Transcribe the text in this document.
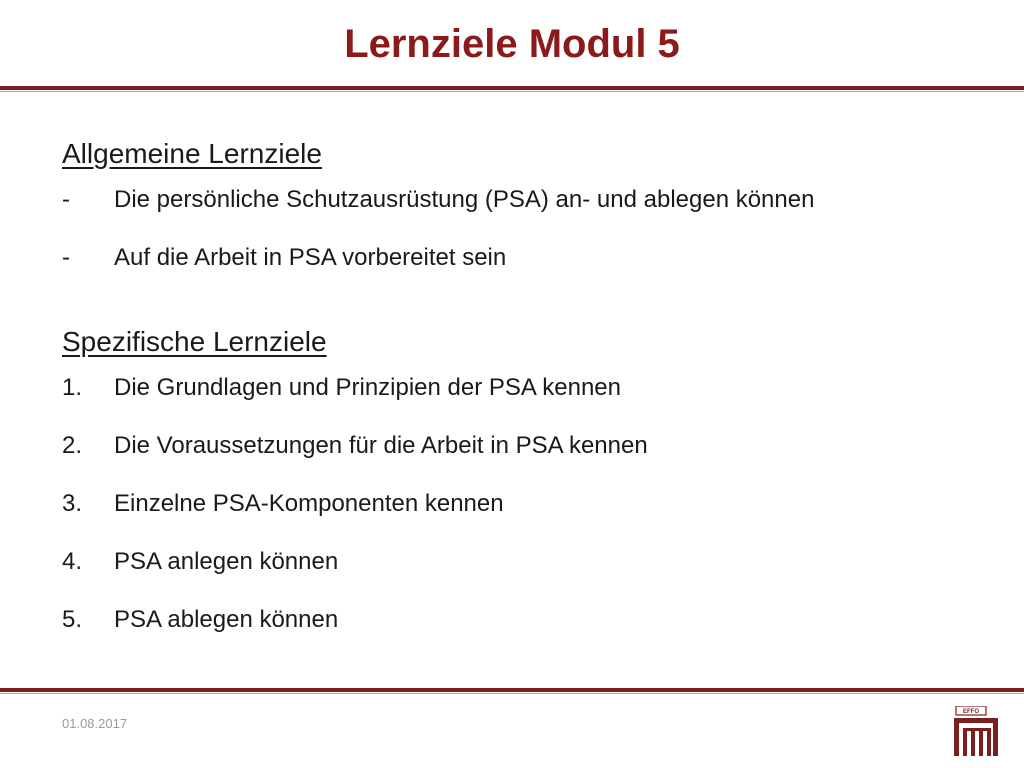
Lernziele Modul 5
Allgemeine Lernziele
-	Die persönliche Schutzausrüstung (PSA) an- und ablegen können
-	Auf die Arbeit in PSA vorbereitet sein
Spezifische Lernziele
1.	Die Grundlagen und Prinzipien der PSA kennen
2.	Die Voraussetzungen für die Arbeit in PSA kennen
3.	Einzelne PSA-Komponenten kennen
4.	PSA anlegen können
5.	PSA ablegen können
01.08.2017
EFFO
